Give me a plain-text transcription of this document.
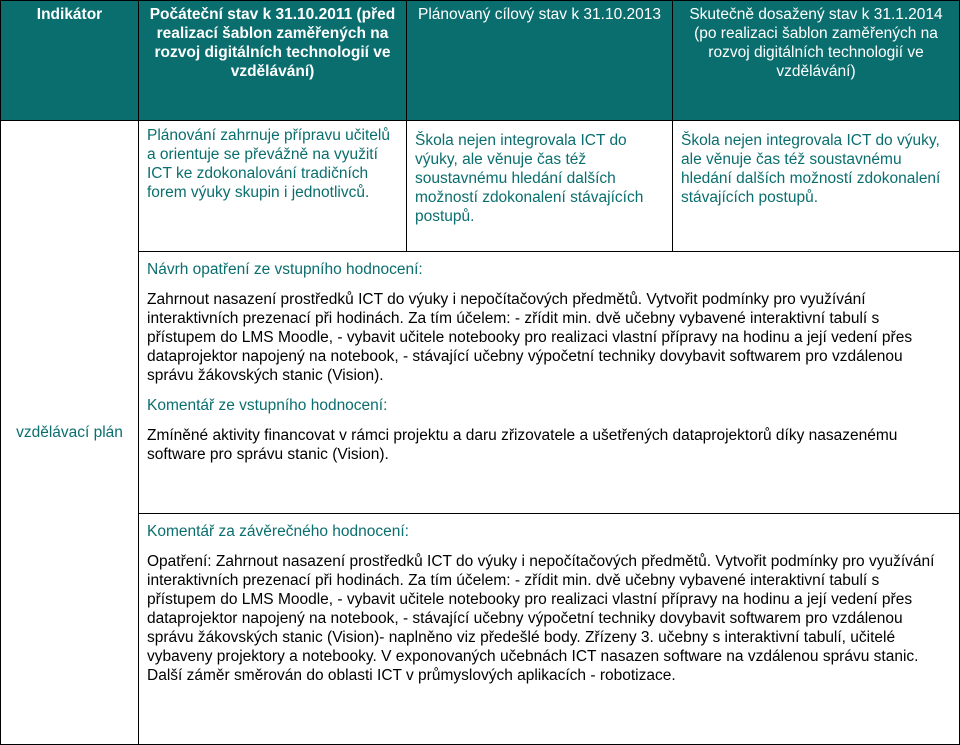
Indikátor	Počáteční stav k 31.10.2011 (před realizací šablon zaměřených na rozvoj digitálních technologií ve vzdělávání)	Plánovaný cílový stav k 31.10.2013	Skutečně dosažený stav k 31.1.2014 (po realizaci šablon zaměřených na rozvoj digitálních technologií ve vzdělávání)
vzdělávací plán	Plánování zahrnuje přípravu učitelů a orientuje se převážně na využití ICT ke zdokonalování tradičních forem výuky skupin i jednotlivců.	Škola nejen integrovala ICT do výuky, ale věnuje čas též soustavnému hledání dalších možností zdokonalení stávajících postupů.	Škola nejen integrovala ICT do výuky, ale věnuje čas též soustavnému hledání dalších možností zdokonalení stávajících postupů.

	Návrh opatření ze vstupního hodnocení:

Zahrnout nasazení prostředků ICT do výuky i nepočítačových předmětů. Vytvořit podmínky pro využívání interaktivních prezenací při hodinách. Za tím účelem: - zřídit min. dvě učebny vybavené interaktivní tabulí s přístupem do LMS Moodle, - vybavit učitele notebooky pro realizaci vlastní přípravy na hodinu a její vedení přes dataprojektor napojený na notebook, - stávající učebny výpočetní techniky dovybavit softwarem pro vzdálenou správu žákovských stanic (Vision).

Komentář ze vstupního hodnocení:

Zmíněné aktivity financovat v rámci projektu a daru zřizovatele a ušetřených dataprojektorů díky nasazenému software pro správu stanic (Vision).		

	Komentář za závěrečného hodnocení:

Opatření: Zahrnout nasazení prostředků ICT do výuky i nepočítačových předmětů. Vytvořit podmínky pro využívání interaktivních prezenací při hodinách. Za tím účelem: - zřídit min. dvě učebny vybavené interaktivní tabulí s přístupem do LMS Moodle, - vybavit učitele notebooky pro realizaci vlastní přípravy na hodinu a její vedení přes dataprojektor napojený na notebook, - stávající učebny výpočetní techniky dovybavit softwarem pro vzdálenou správu žákovských stanic (Vision)- naplněno viz předešlé body. Zřízeny 3. učebny s interaktivní tabulí, učitelé vybaveny projektory a notebooky. V exponovaných učebnách ICT nasazen software na vzdálenou správu stanic. Další záměr směrován do oblasti ICT v průmyslových aplikacích - robotizace.		
